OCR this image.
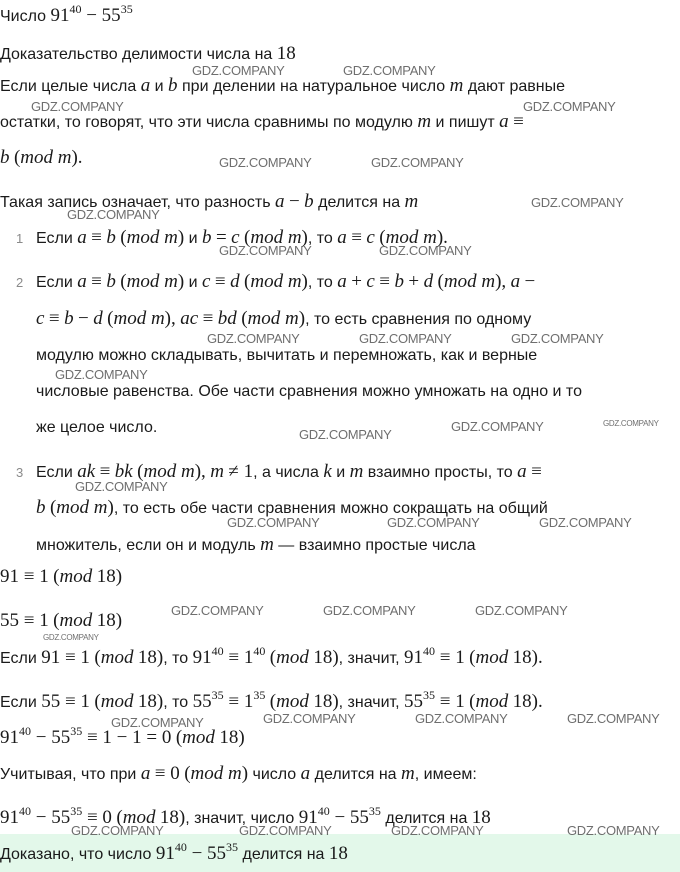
Число $91^{40} - 55^{35}$
Доказательство делимости числа на 18
Если целые числа a и b при делении на натуральное число m дают равные
остатки, то говорят, что эти числа сравнимы по модулю m и пишут a ≡
b (mod m).
Такая запись означает, что разность a − b делится на m
1 Если a ≡ b (mod m) и b = c (mod m), то a ≡ c (mod m).
2 Если a ≡ b (mod m) и c ≡ d (mod m), то a + c ≡ b + d (mod m), a −
c ≡ b − d (mod m), ac ≡ bd (mod m), то есть сравнения по одному
модулю можно складывать, вычитать и перемножать, как и верные
числовые равенства. Обе части сравнения можно умножать на одно и то
же целое число.
3 Если ak ≡ bk (mod m), m ≠ 1, а числа k и m взаимно просты, то a ≡
b (mod m), то есть обе части сравнения можно сокращать на общий
множитель, если он и модуль m — взаимно простые числа
91 ≡ 1 (mod 18)
55 ≡ 1 (mod 18)
Если 91 ≡ 1 (mod 18), то $91^{40} \equiv 1^{40}$ (mod 18), значит, $91^{40} \equiv 1$ (mod 18).
Если 55 ≡ 1 (mod 18), то $55^{35} \equiv 1^{35}$ (mod 18), значит, $55^{35} \equiv 1$ (mod 18).
$91^{40} - 55^{35} \equiv 1 - 1 = 0$ (mod 18)
Учитывая, что при a ≡ 0 (mod m) число a делится на m, имеем:
$91^{40} - 55^{35} \equiv 0$ (mod 18), значит, число $91^{40} - 55^{35}$ делится на 18
Доказано, что число $91^{40} - 55^{35}$ делится на 18
GDZ.COMPANY	GDZ.COMPANY
GDZ.COMPANY	GDZ.COMPANY
GDZ.COMPANY	GDZ.COMPANY
GDZ.COMPANY
GDZ.COMPANY
GDZ.COMPANY	GDZ.COMPANY
GDZ.COMPANY	GDZ.COMPANY	GDZ.COMPANY
GDZ.COMPANY
GDZ.COMPANY	GDZ.COMPANY
GDZ.COMPANY
GDZ.COMPANY
GDZ.COMPANY	GDZ.COMPANY	GDZ.COMPANY
GDZ.COMPANY	GDZ.COMPANY	GDZ.COMPANY
GDZ.COMPANY
GDZ.COMPANY	GDZ.COMPANY	GDZ.COMPANY	GDZ.COMPANY
GDZ.COMPANY	GDZ.COMPANY	GDZ.COMPANY	GDZ.COMPANY
